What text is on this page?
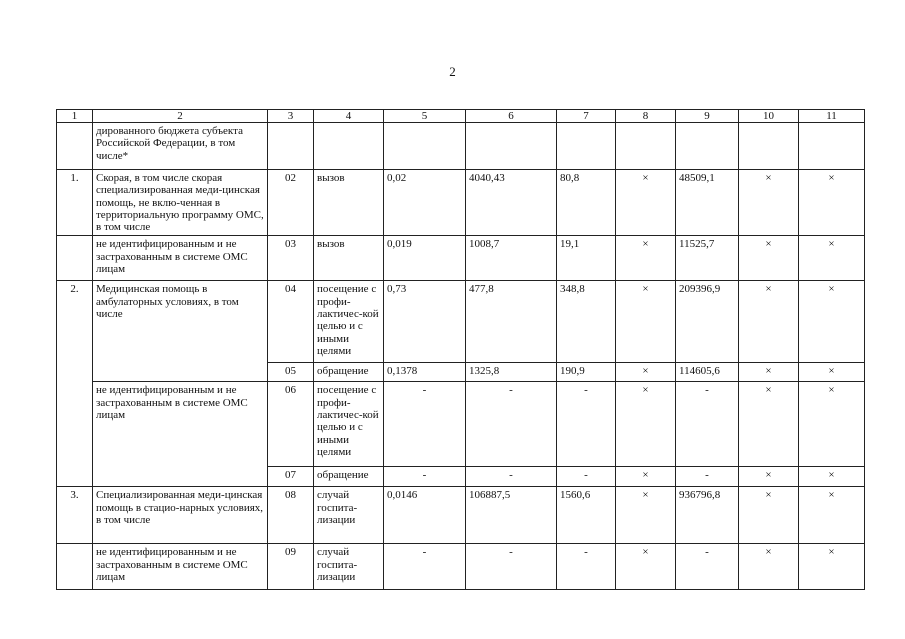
2
1	2	3	4	5	6	7	8	9	10	11
	дированного бюджета субъекта Российской Федерации, в том числе*									
1.	Скорая, в том числе скорая специализированная меди-цинская помощь, не вклю-ченная в территориальную программу ОМС, в том числе	02	вызов	0,02	4040,43	80,8	×	48509,1	×	×
	не идентифицированным и не застрахованным в системе ОМС лицам	03	вызов	0,019	1008,7	19,1	×	11525,7	×	×
2.	Медицинская помощь в амбулаторных условиях, в том числе	04	посещение с профи-лактичес-кой целью и с иными целями	0,73	477,8	348,8	×	209396,9	×	×
		05	обращение	0,1378	1325,8	190,9	×	114605,6	×	×
	не идентифицированным и не застрахованным в системе ОМС лицам	06	посещение с профи-лактичес-кой целью и с иными целями	-	-	-	×	-	×	×
		07	обращение	-	-	-	×	-	×	×
3.	Специализированная меди-цинская помощь в стацио-нарных условиях, в том числе	08	случай госпита-лизации	0,0146	106887,5	1560,6	×	936796,8	×	×
	не идентифицированным и не застрахованным в системе ОМС лицам	09	случай госпита-лизации	-	-	-	×	-	×	×
